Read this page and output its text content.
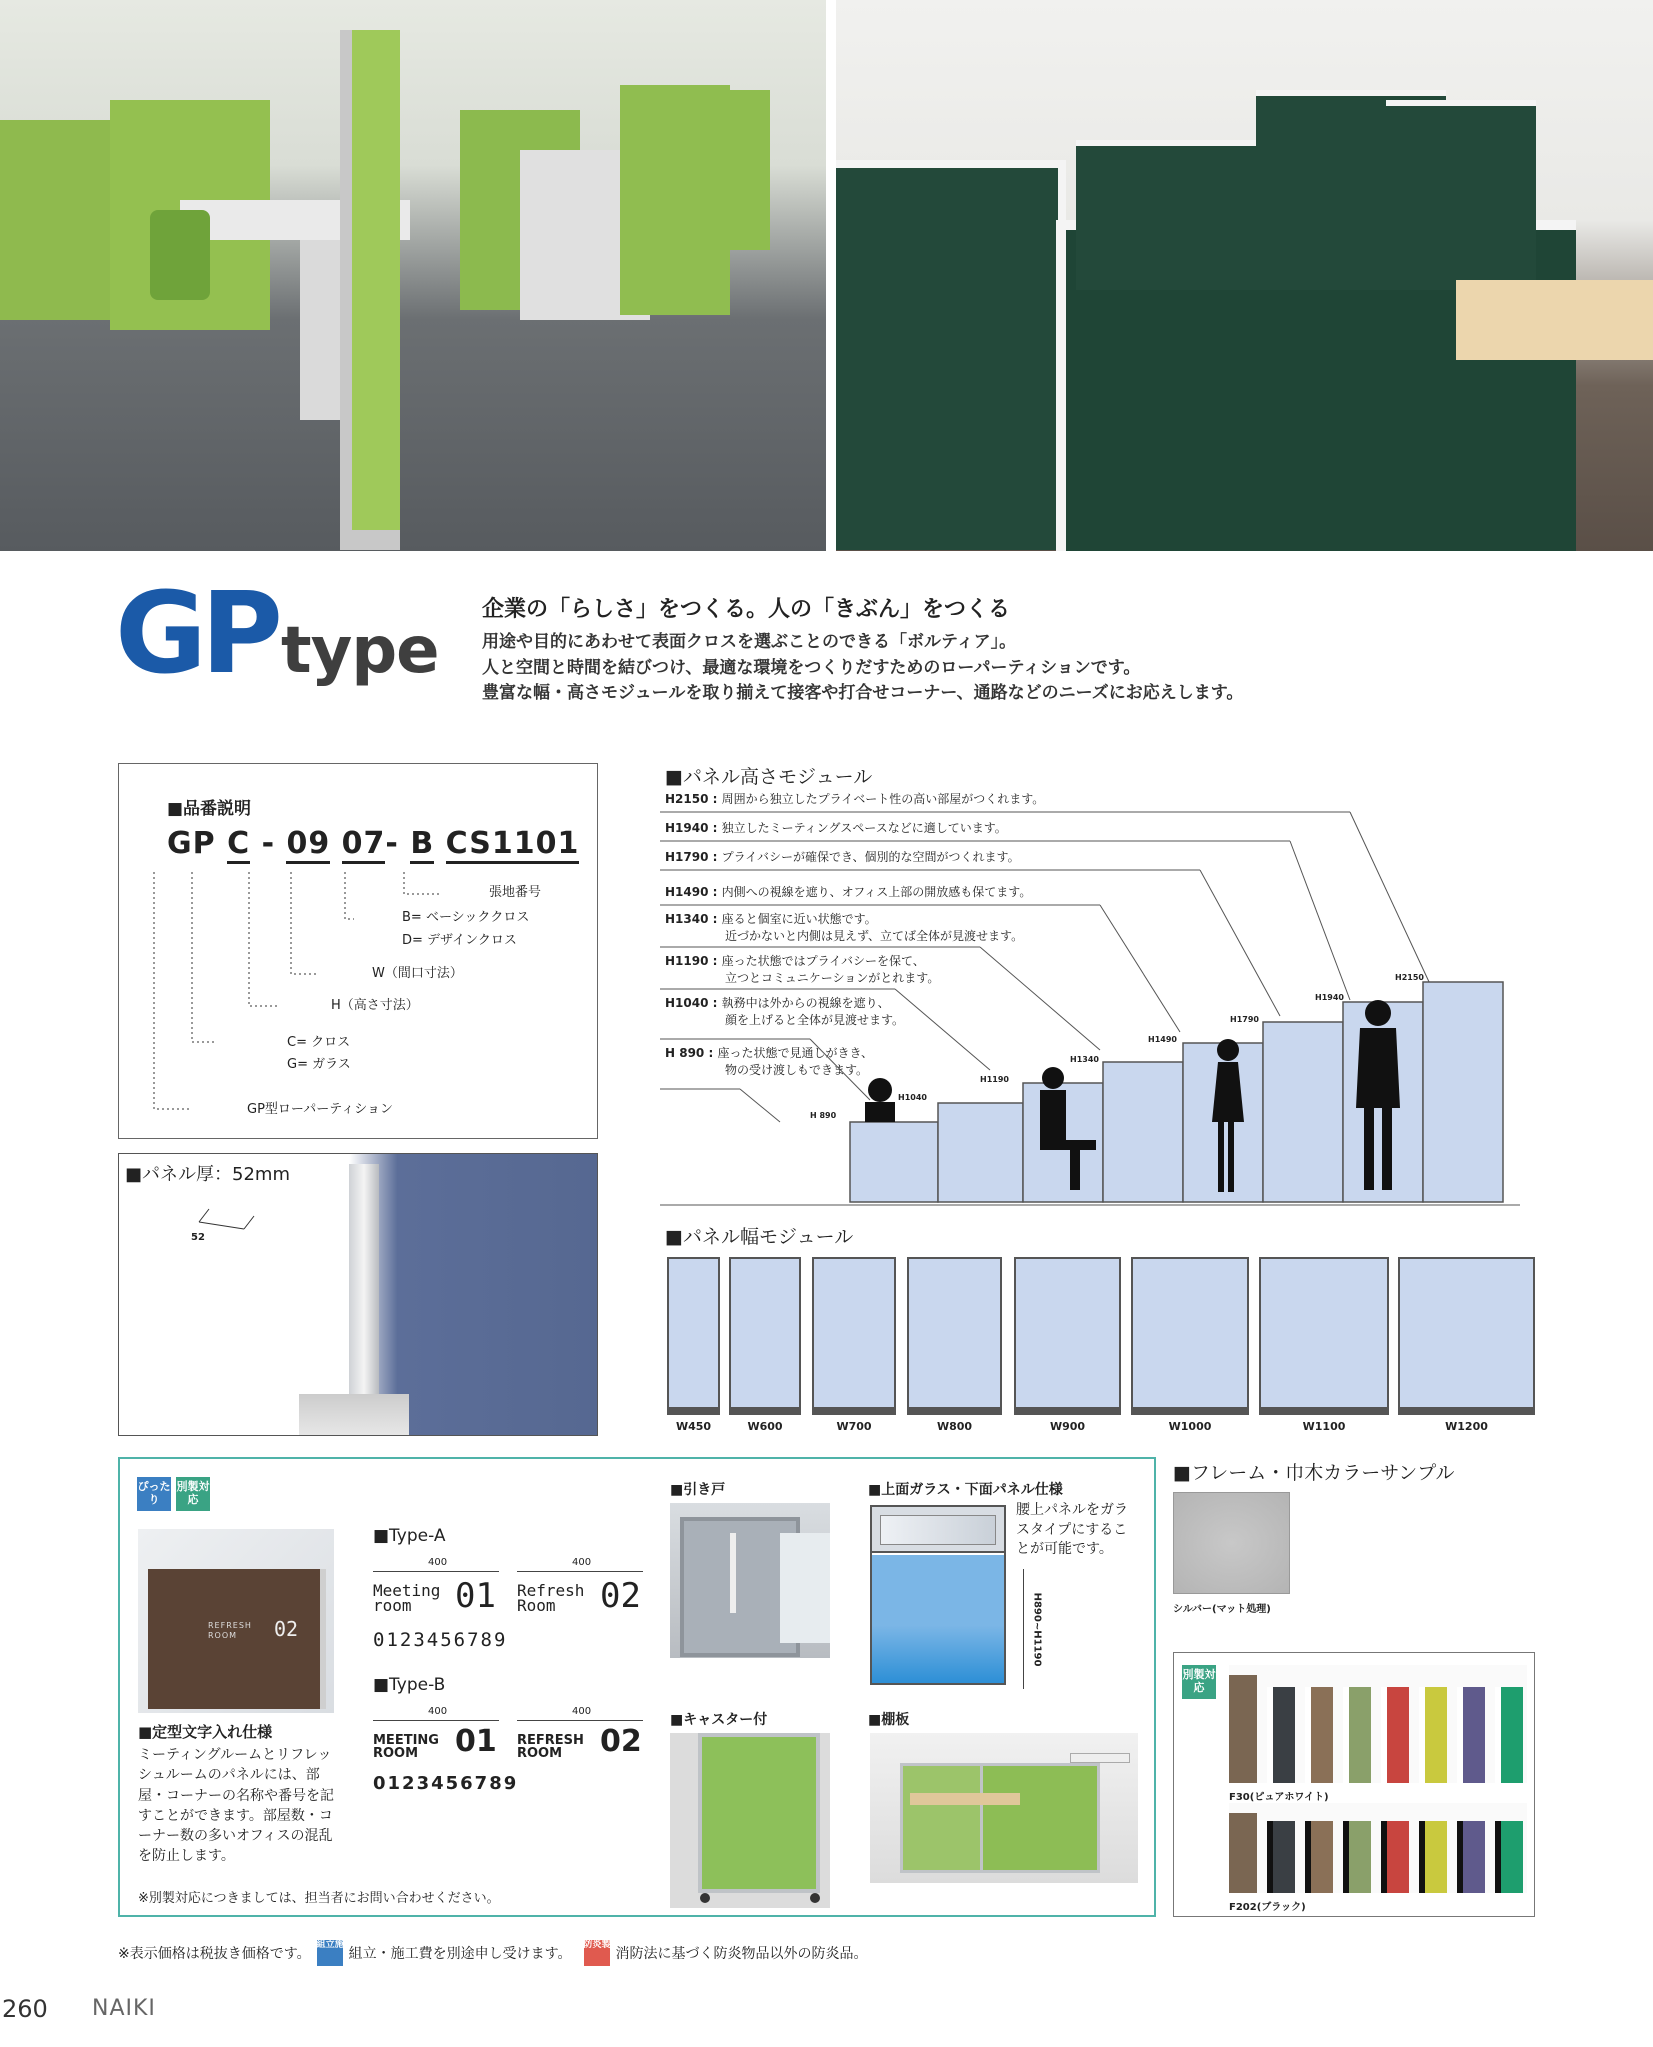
GPtype
企業の「らしさ」をつくる。人の「きぶん」をつくる
用途や目的にあわせて表面クロスを選ぶことのできる「ボルティア」。
人と空間と時間を結びつけ、最適な環境をつくりだすためのローパーティションです。
豊富な幅・高さモジュールを取り揃えて接客や打合せコーナー、通路などのニーズにお応えします。
■品番説明
GP C - 09 07- B CS1101
張地番号
B= ベーシッククロス
D= デザインクロス
W（間口寸法）
H（高さ寸法）
C= クロス
G= ガラス
GP型ローパーティション
■パネル厚：52mm
52
■パネル高さモジュール
H2150 : 周囲から独立したプライベート性の高い部屋がつくれます。
H1940 : 独立したミーティングスペースなどに適しています。
H1790 : プライバシーが確保でき、個別的な空間がつくれます。
H1490 : 内側への視線を遮り、オフィス上部の開放感も保てます。
H1340 : 座ると個室に近い状態です。
近づかないと内側は見えず、立てば全体が見渡せます。
H1190 : 座った状態ではプライバシーを保て、
立つとコミュニケーションがとれます。
H1040 : 執務中は外からの視線を遮り、
顔を上げると全体が見渡せます。
H 890 : 座った状態で見通しがきき、
物の受け渡しもできます。
H 890
H1040
H1190
H1340
H1490
H1790
H1940
H2150
■パネル幅モジュール
W450	W600	W700	W800	W900	W1000	W1100	W1200
ぴったり
別製対応
REFRESH ROOM	02
■定型文字入れ仕様
ミーティングルームとリフレッシュルームのパネルには、部屋・コーナーの名称や番号を記すことができます。部屋数・コーナー数の多いオフィスの混乱を防止します。
■Type-A
400	400
Meeting room	01 Refresh Room	02
0123456789
■Type-B
400	400
MEETING ROOM	01 REFRESH ROOM	02
0123456789
※別製対応につきましては、担当者にお問い合わせください。
■引き戸	■上面ガラス・下面パネル仕様
腰上パネルをガラスタイプにすることが可能です。
H890~H1190
■キャスター付	■棚板
■フレーム・巾木カラーサンプル
シルバー(マット処理)
別製対応
F30(ピュアホワイト)
F202(ブラック)
※表示価格は税抜き価格です。
組立施工
組立・施工費を別途申し受けます。
防炎製品
消防法に基づく防炎物品以外の防炎品。
260 NAIKI
